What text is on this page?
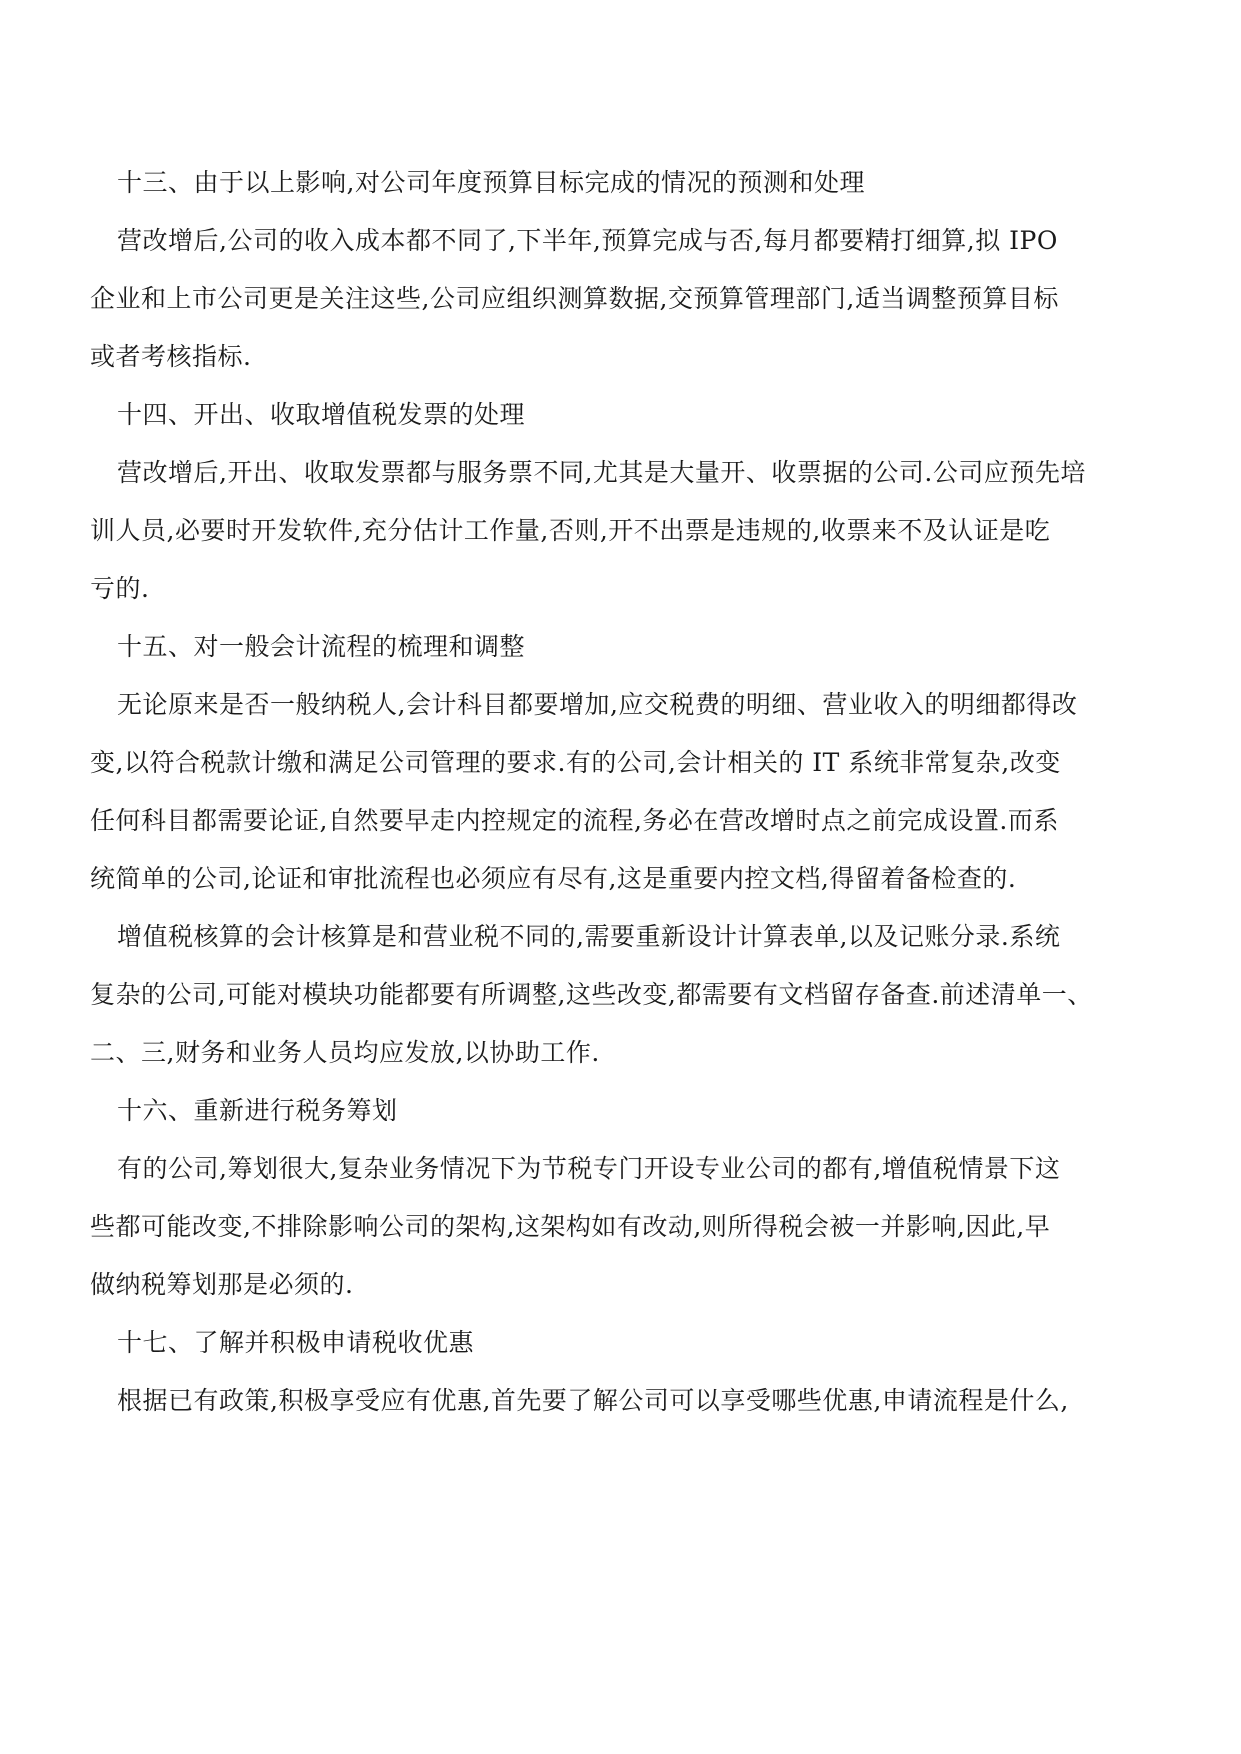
十三、由于以上影响,对公司年度预算目标完成的情况的预测和处理

营改增后,公司的收入成本都不同了,下半年,预算完成与否,每月都要精打细算,拟 IPO

企业和上市公司更是关注这些,公司应组织测算数据,交预算管理部门,适当调整预算目标

或者考核指标.

十四、开出、收取增值税发票的处理

营改增后,开出、收取发票都与服务票不同,尤其是大量开、收票据的公司.公司应预先培

训人员,必要时开发软件,充分估计工作量,否则,开不出票是违规的,收票来不及认证是吃

亏的.

十五、对一般会计流程的梳理和调整

无论原来是否一般纳税人,会计科目都要增加,应交税费的明细、营业收入的明细都得改

变,以符合税款计缴和满足公司管理的要求.有的公司,会计相关的 IT 系统非常复杂,改变

任何科目都需要论证,自然要早走内控规定的流程,务必在营改增时点之前完成设置.而系

统简单的公司,论证和审批流程也必须应有尽有,这是重要内控文档,得留着备检查的.

增值税核算的会计核算是和营业税不同的,需要重新设计计算表单,以及记账分录.系统

复杂的公司,可能对模块功能都要有所调整,这些改变,都需要有文档留存备查.前述清单一、

二、三,财务和业务人员均应发放,以协助工作.

十六、重新进行税务筹划

有的公司,筹划很大,复杂业务情况下为节税专门开设专业公司的都有,增值税情景下这

些都可能改变,不排除影响公司的架构,这架构如有改动,则所得税会被一并影响,因此,早

做纳税筹划那是必须的.

十七、了解并积极申请税收优惠

根据已有政策,积极享受应有优惠,首先要了解公司可以享受哪些优惠,申请流程是什么,
